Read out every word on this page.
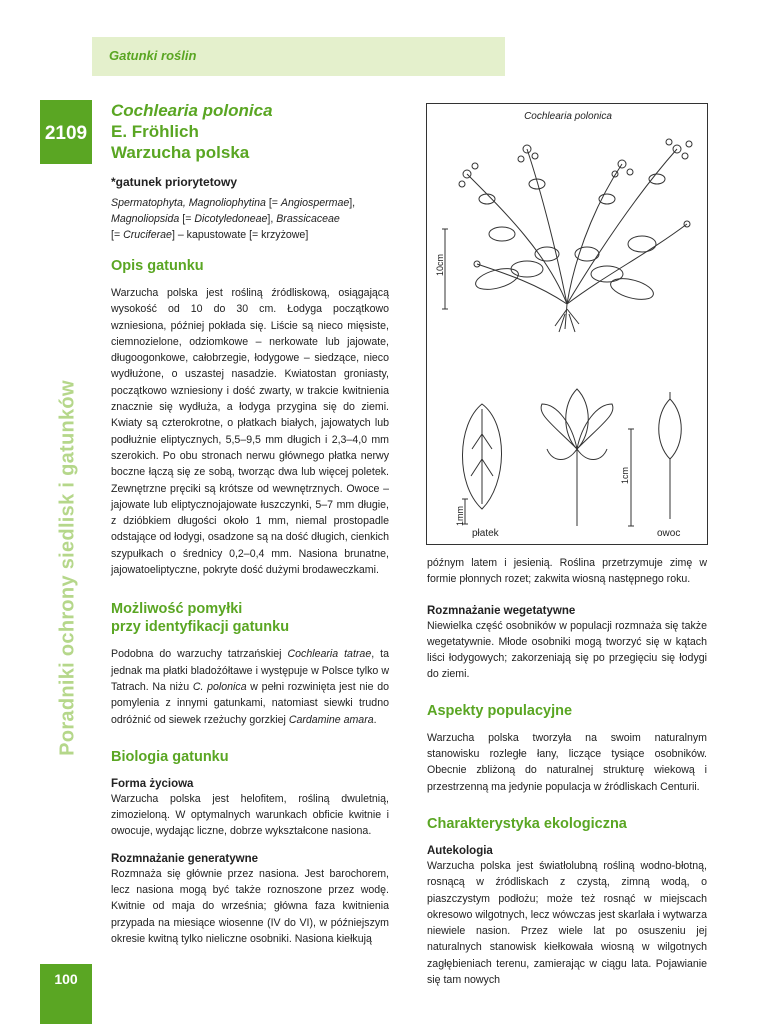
Gatunki roślin
2109
100
Poradniki ochrony siedlisk i gatunków
Cochlearia polonica
E. Fröhlich
Warzucha polska
*gatunek priorytetowy
Spermatophyta, Magnoliophytina [= Angiospermae],
Magnoliopsida [= Dicotyledoneae], Brassicaceae
[= Cruciferae] – kapustowate [= krzyżowe]
Opis gatunku

Warzucha polska jest rośliną źródliskową, osiągającą wysokość od 10 do 30 cm. Łodyga początkowo wzniesiona, później pokłada się. Liście są nieco mięsiste, ciemnozielone, odziomkowe – nerkowate lub jajowate, długoogonkowe, całobrzegie, łodygowe – siedzące, nieco wydłużone, o uszastej nasadzie. Kwiatostan groniasty, początkowo wzniesiony i dość zwarty, w trakcie kwitnienia znacznie się wydłuża, a łodyga przygina się do ziemi. Kwiaty są czterokrotne, o płatkach białych, jajowatych lub podłużnie eliptycznych, 5,5–9,5 mm długich i 2,3–4,0 mm szerokich. Po obu stronach nerwu głównego płatka nerwy boczne łączą się ze sobą, tworząc dwa lub więcej poletek. Zewnętrzne pręciki są krótsze od wewnętrznych. Owoce – jajowate lub eliptycznojajowate łuszczynki, 5–7 mm długie, z dzióbkiem długości około 1 mm, niemal prostopadle odstające od łodygi, osadzone są na dość długich, cienkich szypułkach o średnicy 0,2–0,4 mm. Nasiona brunatne, jajowatoeliptyczne, pokryte dość dużymi brodaweczkami.

Możliwość pomyłki
przy identyfikacji gatunku

Podobna do warzuchy tatrzańskiej Cochlearia tatrae, ta jednak ma płatki bladożółtawe i występuje w Polsce tylko w Tatrach. Na niżu C. polonica w pełni rozwinięta jest nie do pomylenia z innymi gatunkami, natomiast siewki trudno odróżnić od siewek rzeżuchy gorzkiej Cardamine amara.

Biologia gatunku
Forma życiowa

Warzucha polska jest helofitem, rośliną dwuletnią, zimozieloną. W optymalnych warunkach obficie kwitnie i owocuje, wydając liczne, dobrze wykształcone nasiona.

Rozmnażanie generatywne

Rozmnaża się głównie przez nasiona. Jest barochorem, lecz nasiona mogą być także roznoszone przez wodę. Kwitnie od maja do września; główna faza kwitnienia przypada na miesiące wiosenne (IV do VI), w późniejszym okresie kwitną tylko nieliczne osobniki. Nasiona kiełkują

Cochlearia polonica
10cm
1mm
1cm
płatek	owoc

późnym latem i jesienią. Roślina przetrzymuje zimę w formie płonnych rozet; zakwita wiosną następnego roku.

Rozmnażanie wegetatywne

Niewielka część osobników w populacji rozmnaża się także wegetatywnie. Młode osobniki mogą tworzyć się w kątach liści łodygowych; zakorzeniają się po przegięciu się łodygi do ziemi.

Aspekty populacyjne

Warzucha polska tworzyła na swoim naturalnym stanowisku rozległe łany, liczące tysiące osobników. Obecnie zbliżoną do naturalnej strukturę wiekową i przestrzenną ma jedynie populacja w źródliskach Centurii.

Charakterystyka ekologiczna
Autekologia

Warzucha polska jest światłolubną rośliną wodno-błotną, rosnącą w źródliskach z czystą, zimną wodą, o piaszczystym podłożu; może też rosnąć w miejscach okresowo wilgotnych, lecz wówczas jest skarlała i wytwarza niewiele nasion. Przez wiele lat po osuszeniu jej naturalnych stanowisk kiełkowała wiosną w wilgotnych zagłębieniach terenu, zamierając w ciągu lata. Pojawianie się tam nowych
